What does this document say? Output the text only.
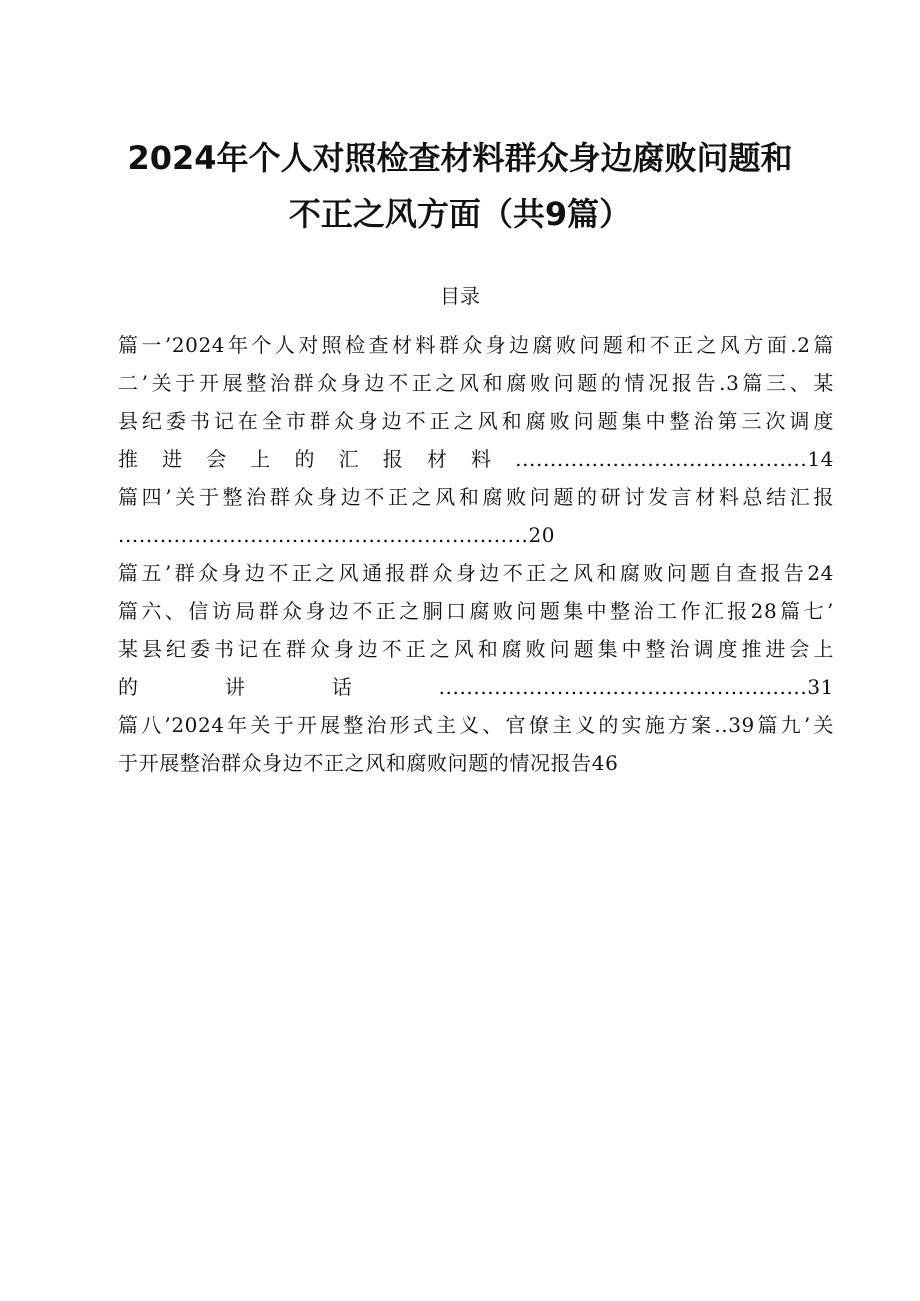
2024年个人对照检查材料群众身边腐败问题和
不正之风方面（共9篇）
目录
篇一’2024年个人对照检查材料群众身边腐败问题和不正之风方面.2篇
二’关于开展整治群众身边不正之风和腐败问题的情况报告.3篇三、某
县纪委书记在全市群众身边不正之风和腐败问题集中整治第三次调度
推进会上的汇报材料..........................................14
篇四’关于整治群众身边不正之风和腐败问题的研讨发言材料总结汇报
...........................................................20
篇五’群众身边不正之风通报群众身边不正之风和腐败问题自查报告24
篇六、信访局群众身边不正之胴口腐败问题集中整治工作汇报28篇七’
某县纪委书记在群众身边不正之风和腐败问题集中整治调度推进会上
的讲话.....................................................31
篇八’2024年关于开展整治形式主义、官僚主义的实施方案..39篇九’关
于开展整治群众身边不正之风和腐败问题的情况报告46
